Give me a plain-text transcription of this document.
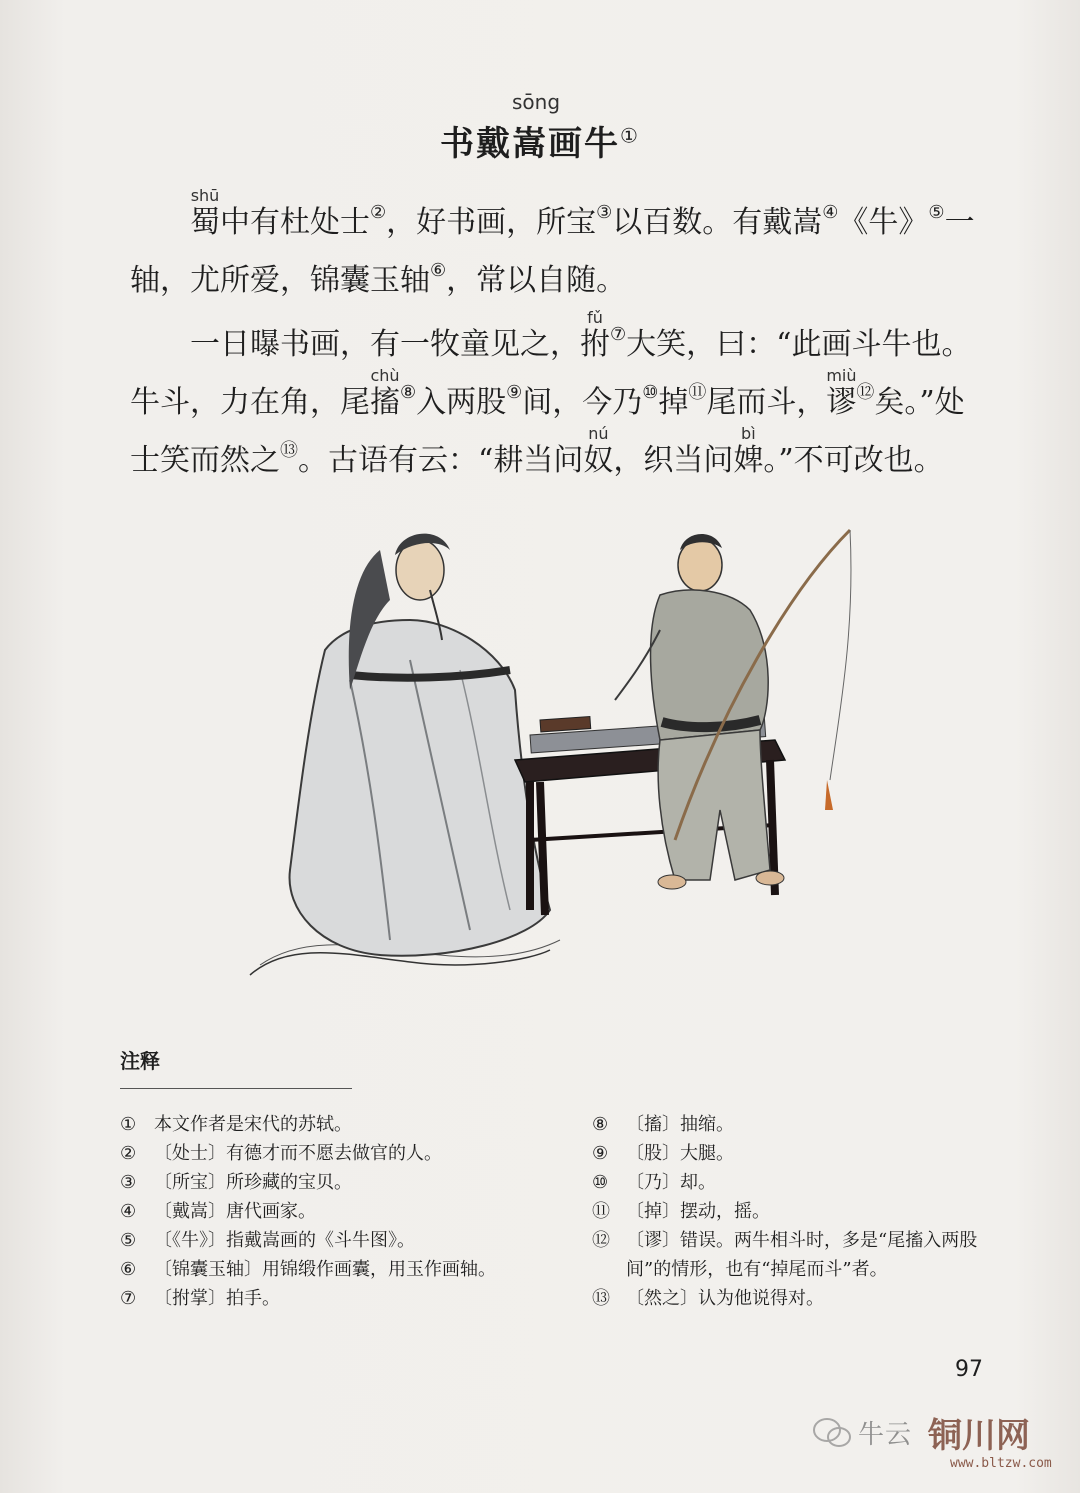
sōng
书戴嵩画牛①

蜀shū中有杜处士②，好书画，所宝③以百数。有戴嵩④《牛》⑤一轴，尤所爱，锦囊玉轴⑥，常以自随。

一日曝书画，有一牧童见之，拊fǔ⑦大笑，曰：“此画斗牛也。牛斗，力在角，尾搐chù⑧入两股⑨间，今乃⑩掉⑪尾而斗，谬miù⑫矣。”处士笑而然之⑬。古语有云：“耕当问奴nú，织当问婢bì。”不可改也。

注释
① 本文作者是宋代的苏轼。
② 〔处士〕有德才而不愿去做官的人。
③ 〔所宝〕所珍藏的宝贝。
④ 〔戴嵩〕唐代画家。
⑤ 〔《牛》〕指戴嵩画的《斗牛图》。
⑥ 〔锦囊玉轴〕用锦缎作画囊，用玉作画轴。
⑦ 〔拊掌〕拍手。
⑧ 〔搐〕抽缩。
⑨ 〔股〕大腿。
⑩ 〔乃〕却。
⑪ 〔掉〕摆动，摇。
⑫ 〔谬〕错误。两牛相斗时，多是“尾搐入两股间”的情形，也有“掉尾而斗”者。
⑬ 〔然之〕认为他说得对。
97
牛云 铜川网
www.bltzw.com
